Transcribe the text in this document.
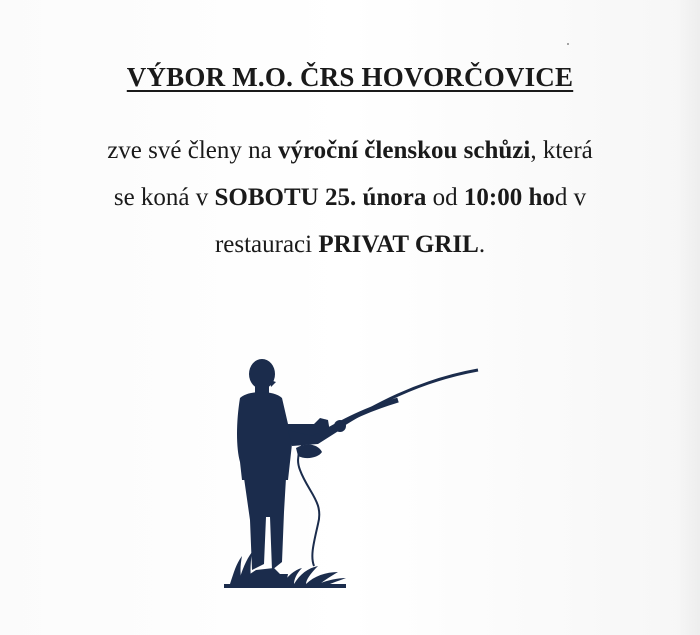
VÝBOR M.O. ČRS HOVORČOVICE
zve své členy na výroční členskou schůzi, která
se koná v SOBOTU 25. února od 10:00 hod v
restauraci PRIVAT GRIL.
